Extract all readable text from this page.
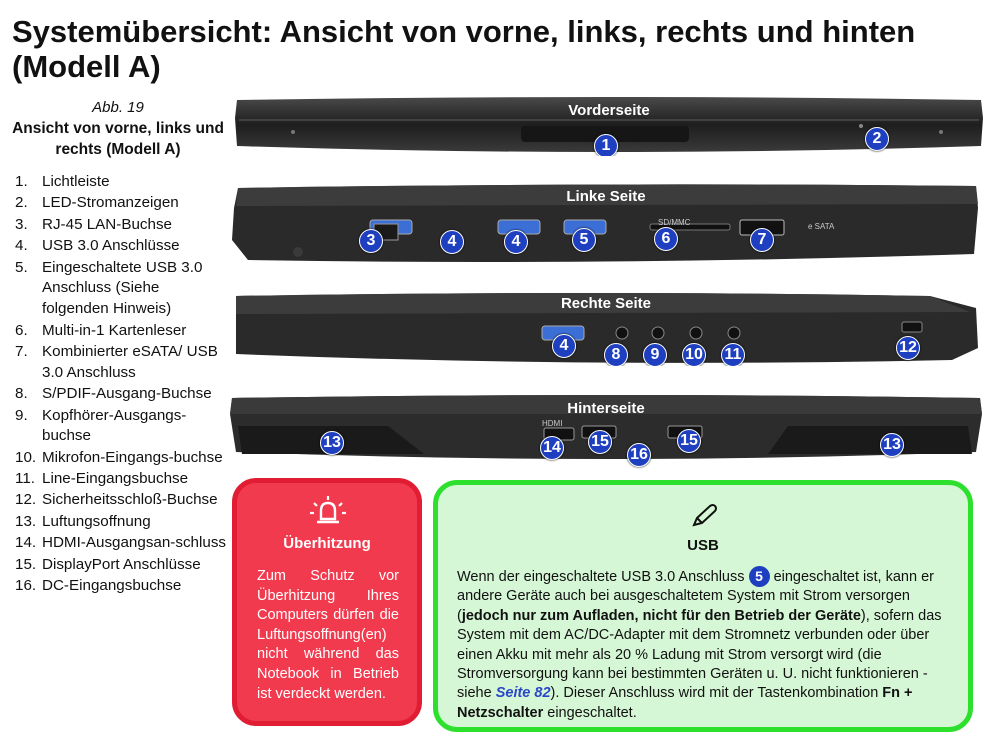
Systemübersicht: Ansicht von vorne, links, rechts und hinten (Modell A)
Abb. 19
Ansicht von vorne, links und rechts (Modell A)
1. Lichtleiste
2. LED-Stromanzeigen
3. RJ-45 LAN-Buchse
4. USB 3.0 Anschlüsse
5. Eingeschaltete USB 3.0 Anschluss (Siehe folgenden Hinweis)
6. Multi-in-1 Kartenleser
7. Kombinierter eSATA/ USB 3.0 Anschluss
8. S/PDIF-Ausgang-Buchse
9. Kopfhörer-Ausgangs-buchse
10. Mikrofon-Eingangs-buchse
11. Line-Eingangsbuchse
12. Sicherheitsschloß-Buchse
13. Luftungsoffnung
14. HDMI-Ausgangsan-schluss
15. DisplayPort Anschlüsse
16. DC-Eingangsbuchse
Vorderseite
1	2
Linke Seite
SD/MMC	e SATA
3	4	4	5	6	7
Rechte Seite
4
8	9	10 11	12
Hinterseite
HDMI
13	14 15
16
15	13
Überhitzung
Zum Schutz vor Überhitzung Ihres Computers dürfen die Luftungsoffnung(en) nicht während das Notebook in Betrieb ist verdeckt werden.
USB
Wenn der eingeschaltete USB 3.0 Anschluss 5 eingeschaltet ist, kann er andere Geräte auch bei ausgeschaltetem System mit Strom versorgen (jedoch nur zum Aufladen, nicht für den Betrieb der Geräte), sofern das System mit dem AC/DC-Adapter mit dem Stromnetz verbunden oder über einen Akku mit mehr als 20 % Ladung mit Strom versorgt wird (die Stromversorgung kann bei bestimmten Geräten u. U. nicht funktionieren - siehe Seite 82). Dieser Anschluss wird mit der Tastenkombination Fn + Netzschalter eingeschaltet.
